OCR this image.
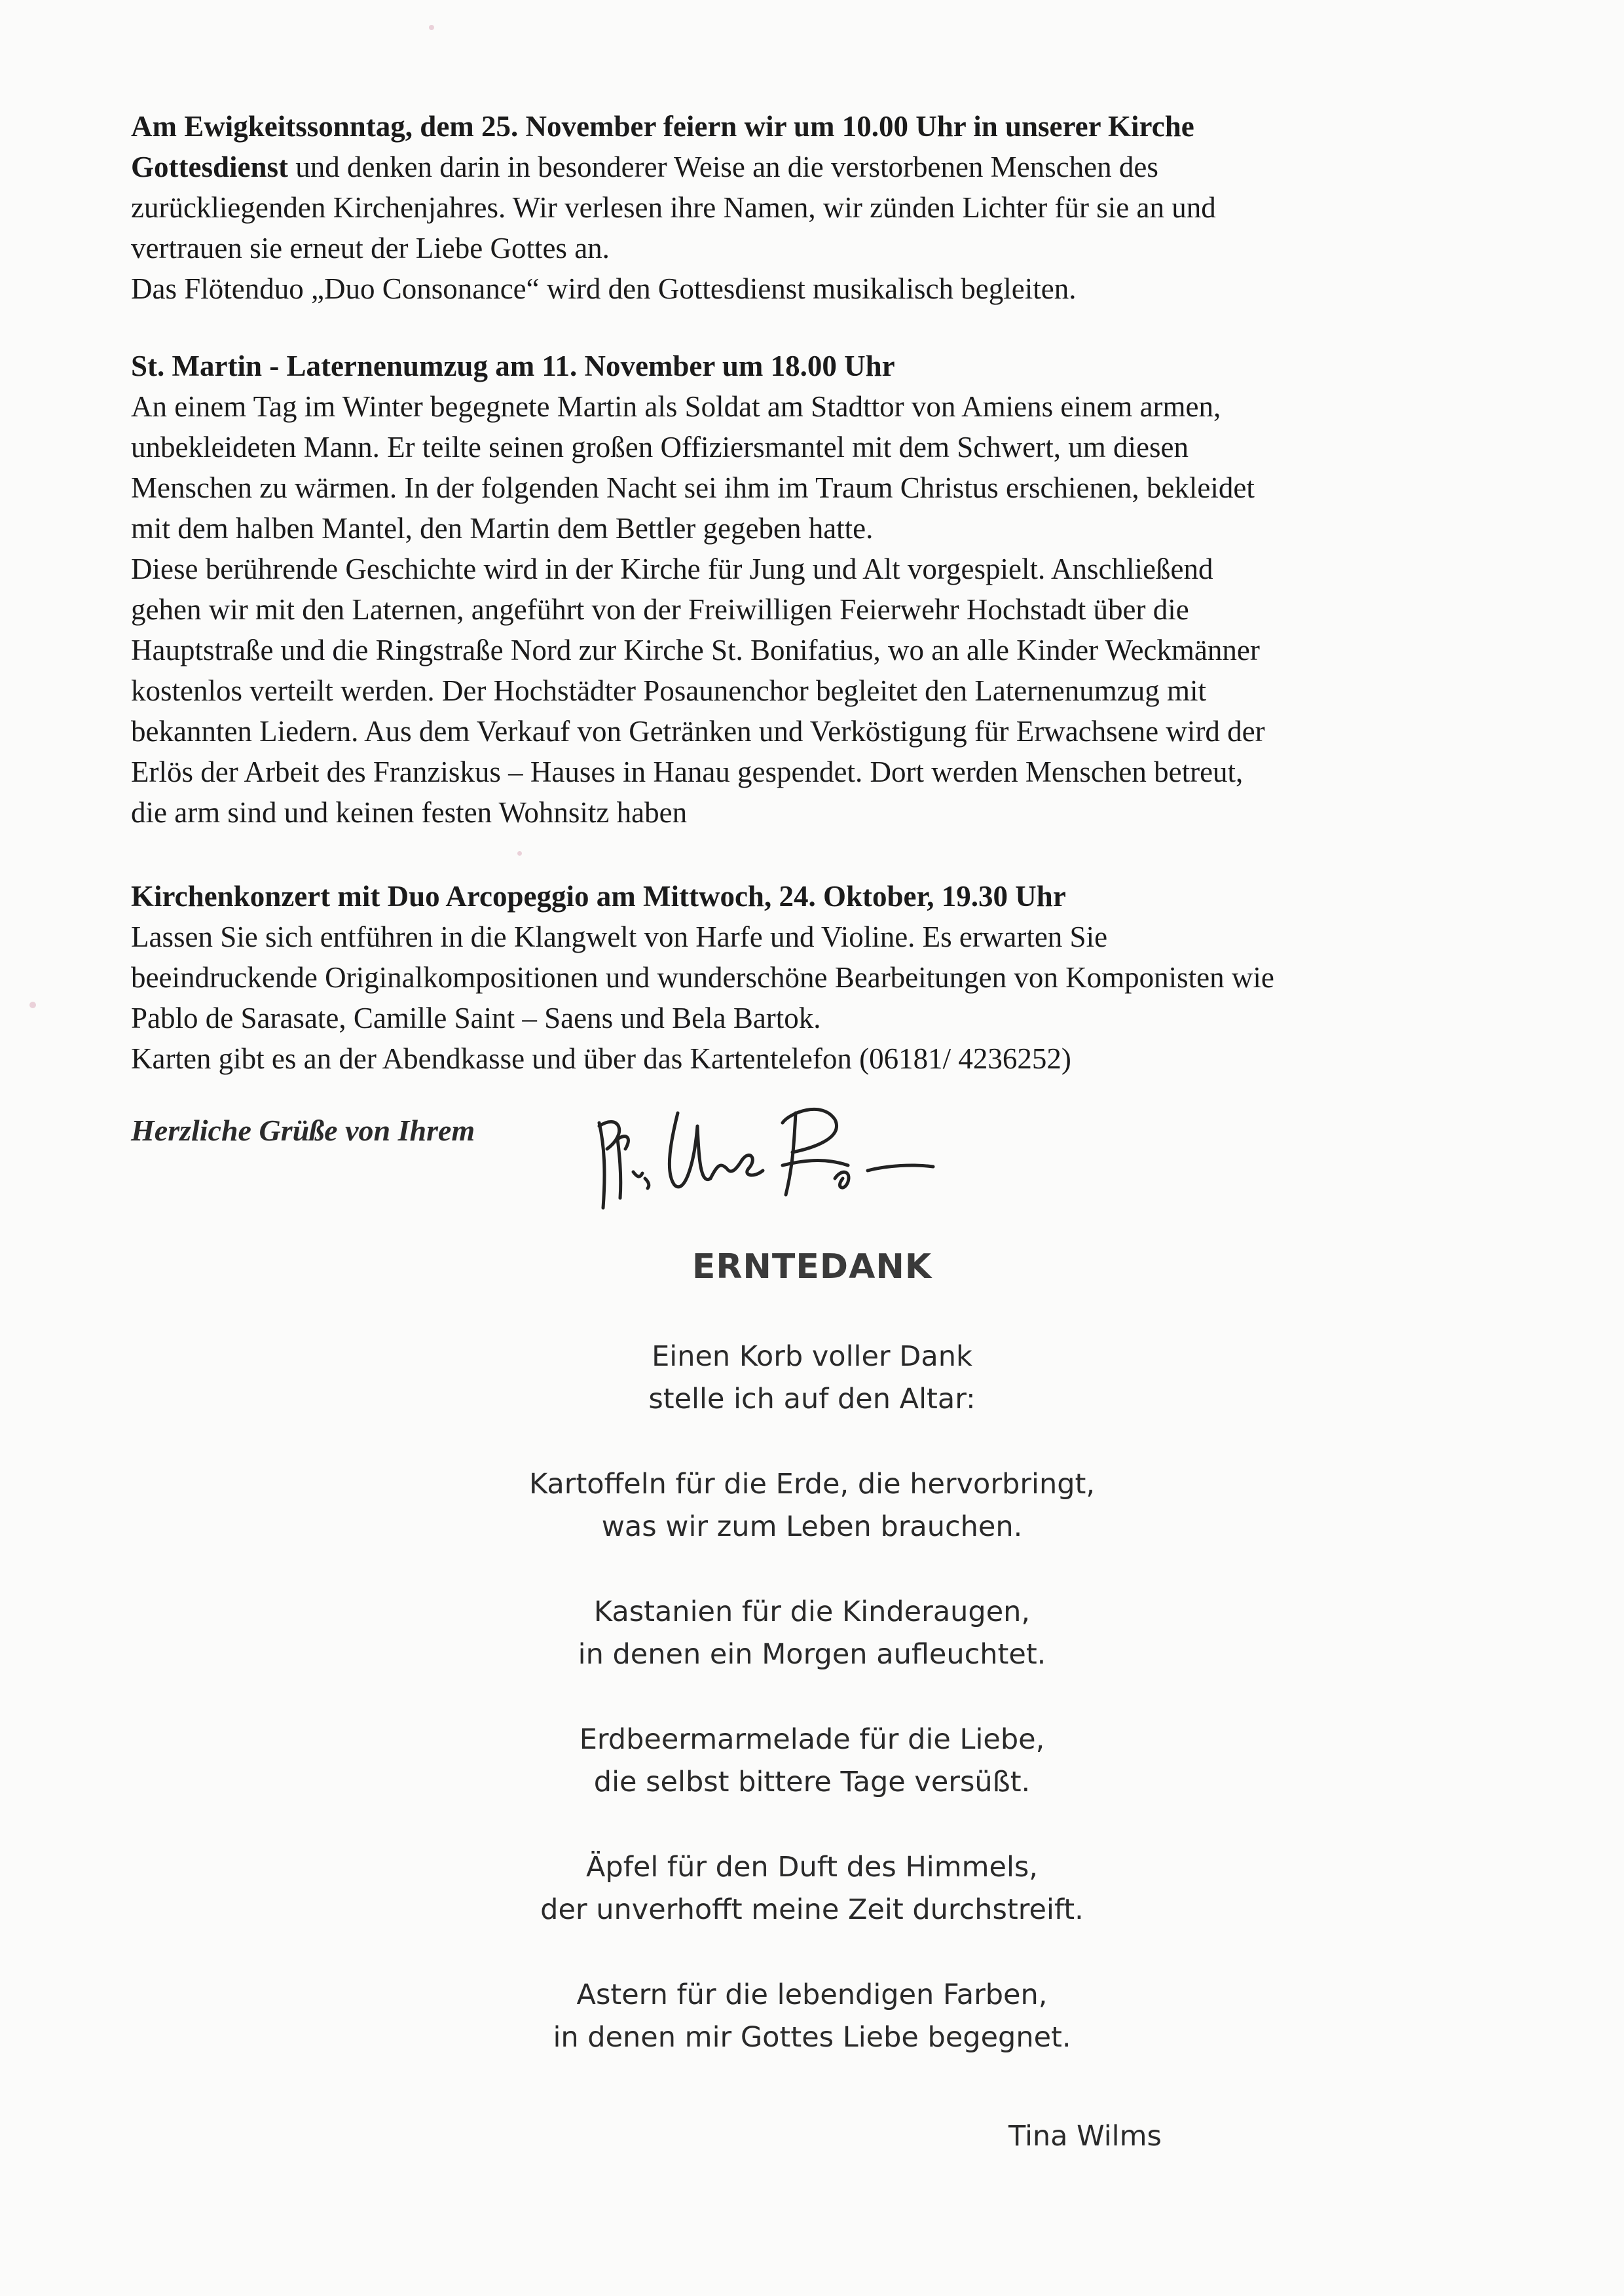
Am Ewigkeitssonntag, dem 25. November feiern wir um 10.00 Uhr in unserer Kirche

Gottesdienst und denken darin in besonderer Weise an die verstorbenen Menschen des

zurückliegenden Kirchenjahres. Wir verlesen ihre Namen, wir zünden Lichter für sie an und

vertrauen sie erneut der Liebe Gottes an.

Das Flötenduo „Duo Consonance“ wird den Gottesdienst musikalisch begleiten.

St. Martin - Laternenumzug am 11. November um 18.00 Uhr

An einem Tag im Winter begegnete Martin als Soldat am Stadttor von Amiens einem armen,

unbekleideten Mann. Er teilte seinen großen Offiziersmantel mit dem Schwert, um diesen

Menschen zu wärmen. In der folgenden Nacht sei ihm im Traum Christus erschienen, bekleidet

mit dem halben Mantel, den Martin dem Bettler gegeben hatte.

Diese berührende Geschichte wird in der Kirche für Jung und Alt vorgespielt. Anschließend

gehen wir mit den Laternen, angeführt von der Freiwilligen Feierwehr Hochstadt über die

Hauptstraße und die Ringstraße Nord zur Kirche St. Bonifatius, wo an alle Kinder Weckmänner

kostenlos verteilt werden. Der Hochstädter Posaunenchor begleitet den Laternenumzug mit

bekannten Liedern. Aus dem Verkauf von Getränken und Verköstigung für Erwachsene wird der

Erlös der Arbeit des Franziskus – Hauses in Hanau gespendet. Dort werden Menschen betreut,

die arm sind und keinen festen Wohnsitz haben

Kirchenkonzert mit Duo Arcopeggio am Mittwoch, 24. Oktober, 19.30 Uhr

Lassen Sie sich entführen in die Klangwelt von Harfe und Violine. Es erwarten Sie

beeindruckende Originalkompositionen und wunderschöne Bearbeitungen von Komponisten wie

Pablo de Sarasate, Camille Saint – Saens und Bela Bartok.

Karten gibt es an der Abendkasse und über das Kartentelefon (06181/ 4236252)

Herzliche Grüße von Ihrem
ERNTEDANK

Einen Korb voller Dank

stelle ich auf den Altar:

Kartoffeln für die Erde, die hervorbringt,

was wir zum Leben brauchen.

Kastanien für die Kinderaugen,

in denen ein Morgen aufleuchtet.

Erdbeermarmelade für die Liebe,

die selbst bittere Tage versüßt.

Äpfel für den Duft des Himmels,

der unverhofft meine Zeit durchstreift.

Astern für die lebendigen Farben,

in denen mir Gottes Liebe begegnet.

Tina Wilms
